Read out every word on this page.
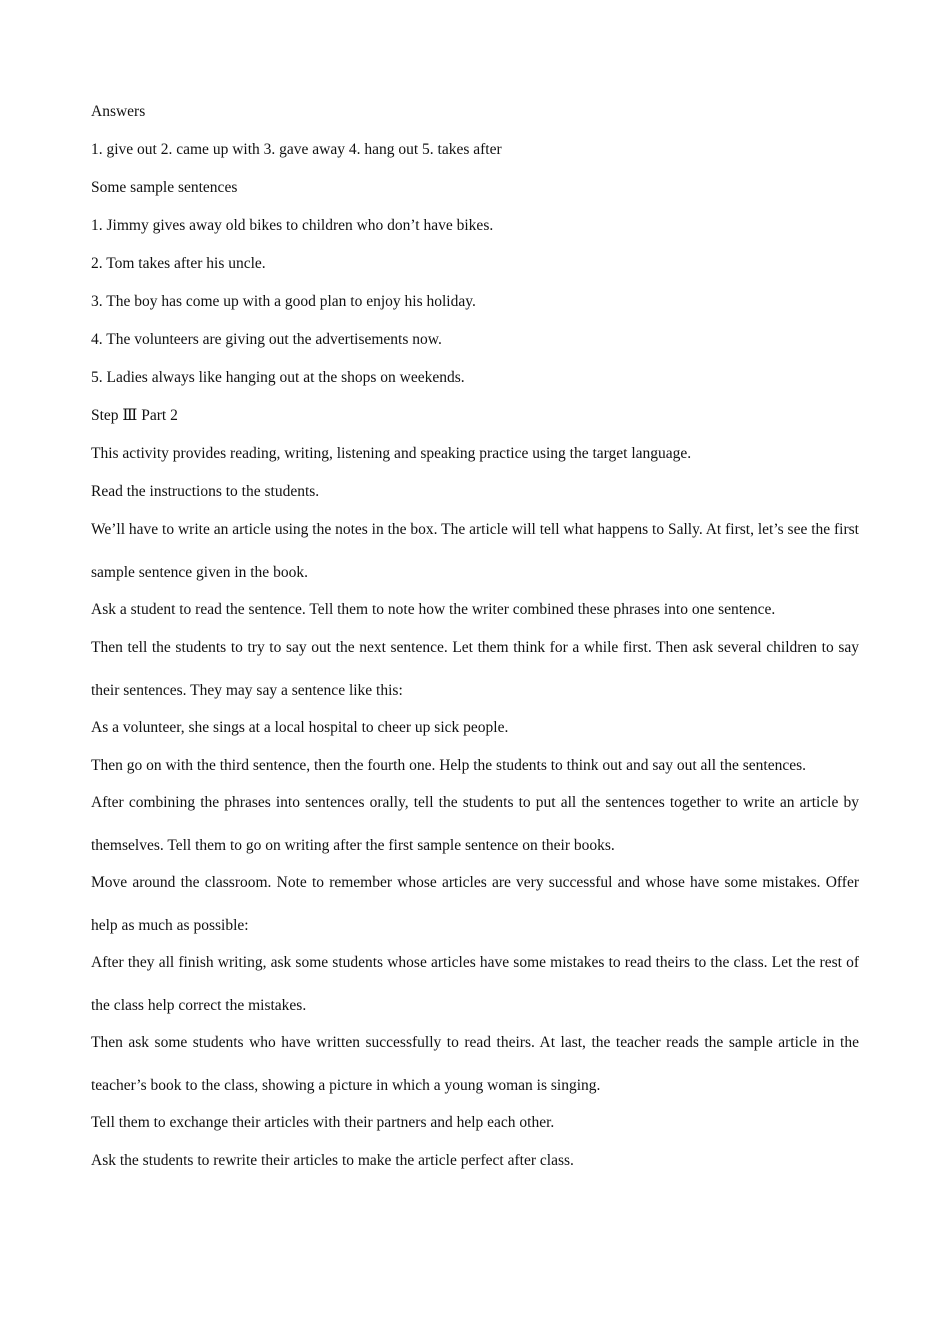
Answers

1. give out 2. came up with 3. gave away 4. hang out 5. takes after

Some sample sentences

1. Jimmy gives away old bikes to children who don’t have bikes.

2. Tom takes after his uncle.

3. The boy has come up with a good plan to enjoy his holiday.

4. The volunteers are giving out the advertisements now.

5. Ladies always like hanging out at the shops on weekends.

Step Ⅲ Part 2

This activity provides reading, writing, listening and speaking practice using the target language.

Read the instructions to the students.

We’ll have to write an article using the notes in the box. The article will tell what happens to Sally. At first, let’s see the first sample sentence given in the book.

Ask a student to read the sentence. Tell them to note how the writer combined these phrases into one sentence.

Then tell the students to try to say out the next sentence. Let them think for a while first. Then ask several children to say their sentences. They may say a sentence like this:

As a volunteer, she sings at a local hospital to cheer up sick people.

Then go on with the third sentence, then the fourth one. Help the students to think out and say out all the sentences.

After combining the phrases into sentences orally, tell the students to put all the sentences together to write an article by themselves. Tell them to go on writing after the first sample sentence on their books.

Move around the classroom. Note to remember whose articles are very successful and whose have some mistakes. Offer help as much as possible:

After they all finish writing, ask some students whose articles have some mistakes to read theirs to the class. Let the rest of the class help correct the mistakes.

Then ask some students who have written successfully to read theirs. At last, the teacher reads the sample article in the teacher’s book to the class, showing a picture in which a young woman is singing.

Tell them to exchange their articles with their partners and help each other.

Ask the students to rewrite their articles to make the article perfect after class.
